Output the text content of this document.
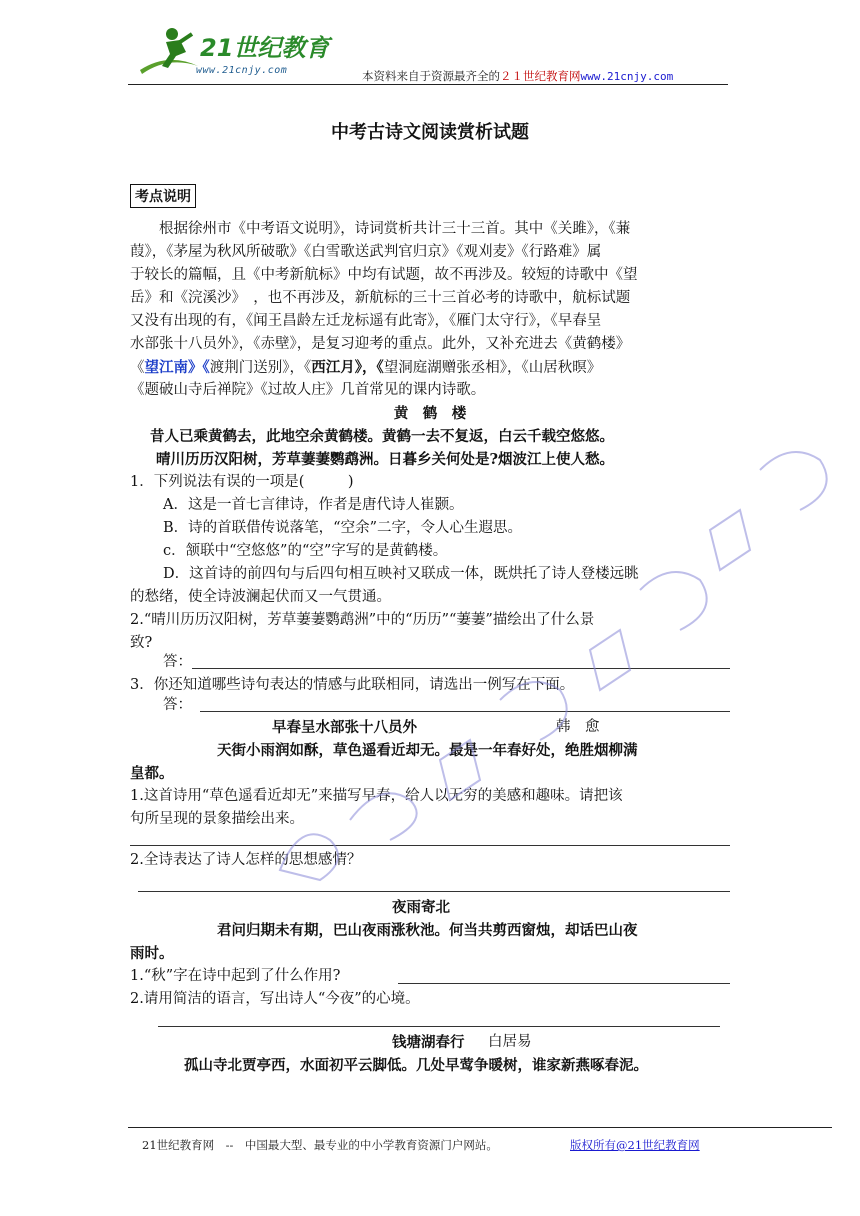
21世纪教育
www.21cnjy.com	本资料来自于资源最齐全的２１世纪教育网www.21cnjy.com
中考古诗文阅读赏析试题
考点说明
　　根据徐州市《中考语文说明》，诗词赏析共计三十三首。其中《关雎》，《蒹
葭》，《茅屋为秋风所破歌》《白雪歌送武判官归京》《观刈麦》《行路难》属
于较长的篇幅，且《中考新航标》中均有试题，故不再涉及。较短的诗歌中《望
岳》和《浣溪沙》　，也不再涉及，新航标的三十三首必考的诗歌中，航标试题
又没有出现的有，《闻王昌龄左迁龙标遥有此寄》，《雁门太守行》，《早春呈
水部张十八员外》，《赤壁》，是复习迎考的重点。此外，又补充进去《黄鹤楼》
《望江南》《渡荆门送别》，《西江月》，《望洞庭湖赠张丞相》，《山居秋暝》
《题破山寺后禅院》《过故人庄》几首常见的课内诗歌。
黄　鹤　楼
昔人已乘黄鹤去，此地空余黄鹤楼。黄鹤一去不复返，白云千载空悠悠。
晴川历历汉阳树，芳草萋萋鹦鹉洲。日暮乡关何处是?烟波江上使人愁。
1．下列说法有误的一项是(　　　)
A．这是一首七言律诗，作者是唐代诗人崔颢。
B．诗的首联借传说落笔，“空余”二字，令人心生遐思。
c．颔联中“空悠悠”的“空”字写的是黄鹤楼。
D．这首诗的前四句与后四句相互映衬又联成一体，既烘托了诗人登楼远眺
的愁绪，使全诗波澜起伏而又一气贯通。
2.“晴川历历汉阳树，芳草萋萋鹦鹉洲”中的“历历”“萋萋”描绘出了什么景
致?
答：
3．你还知道哪些诗句表达的情感与此联相同，请选出一例写在下面。
答：
早春呈水部张十八员外	韩　愈
天街小雨润如酥，草色遥看近却无。最是一年春好处，绝胜烟柳满
皇都。
1.这首诗用“草色遥看近却无”来描写早春，给人以无穷的美感和趣味。请把该
句所呈现的景象描绘出来。
2.全诗表达了诗人怎样的思想感情？
夜雨寄北
君问归期未有期，巴山夜雨涨秋池。何当共剪西窗烛，却话巴山夜
雨时。
1.“秋”字在诗中起到了什么作用?
2.请用简洁的语言，写出诗人“今夜”的心境。
钱塘湖春行 白居易
孤山寺北贾亭西，水面初平云脚低。几处早莺争暖树，谁家新燕啄春泥。
21世纪教育网　--　中国最大型、最专业的中小学教育资源门户网站。	版权所有@21世纪教育网
